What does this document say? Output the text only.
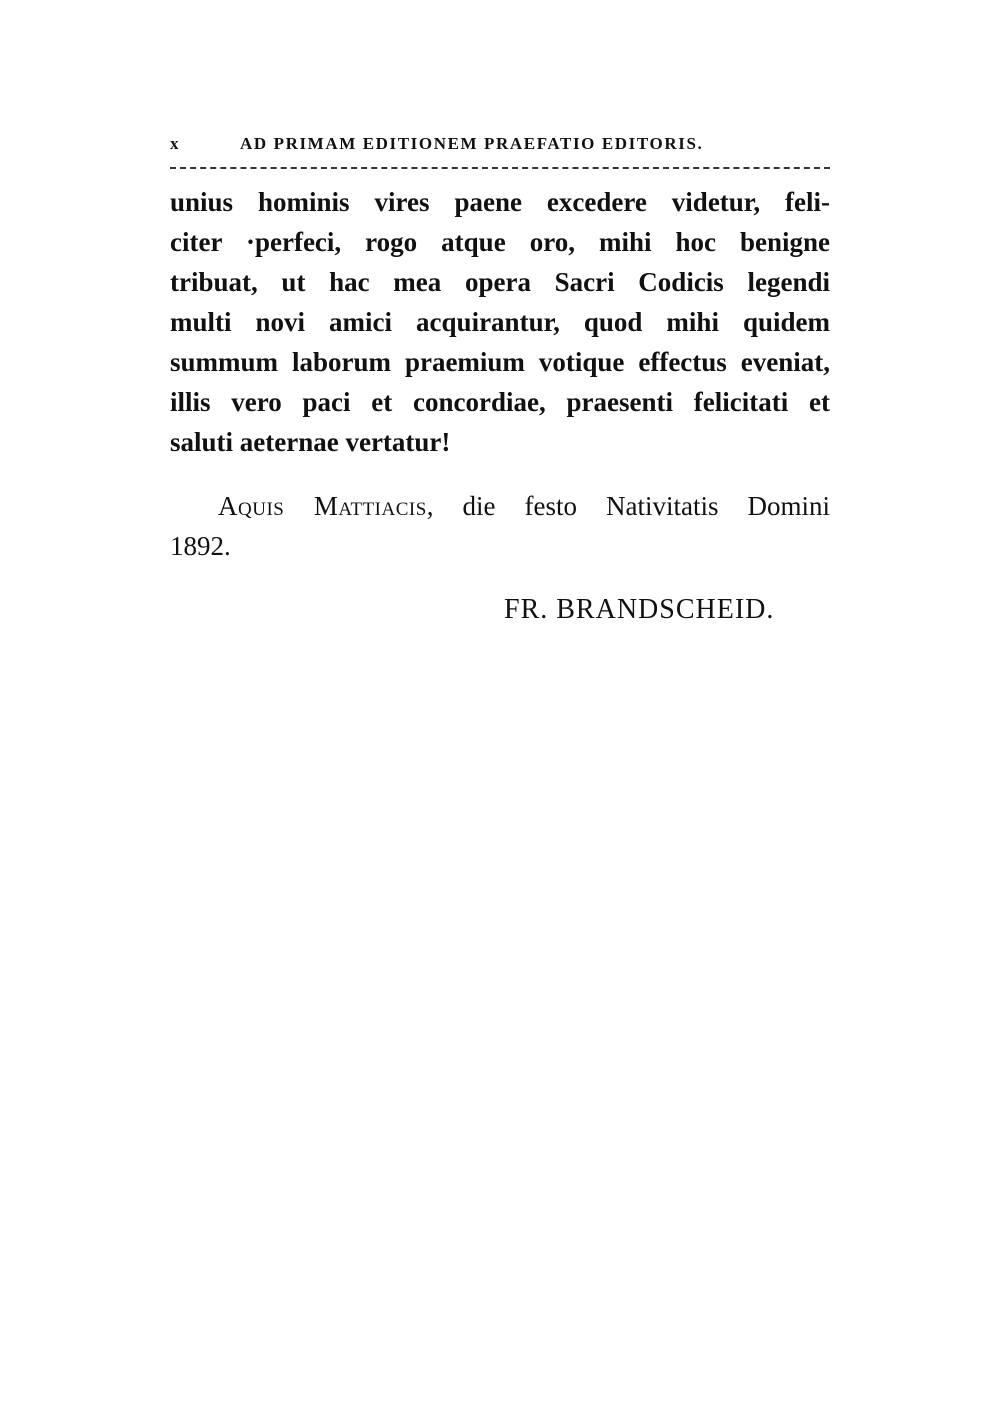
x	AD PRIMAM EDITIONEM PRAEFATIO EDITORIS.
unius hominis vires paene excedere videtur, feli-
citer ·perfeci, rogo atque oro, mihi hoc benigne
tribuat, ut hac mea opera Sacri Codicis legendi
multi novi amici acquirantur, quod mihi quidem
summum laborum praemium votique effectus eveniat,
illis vero paci et concordiae, praesenti felicitati et
saluti aeternae vertatur!
Aquis Mattiacis, die festo Nativitatis Domini
1892.
FR. BRANDSCHEID.
